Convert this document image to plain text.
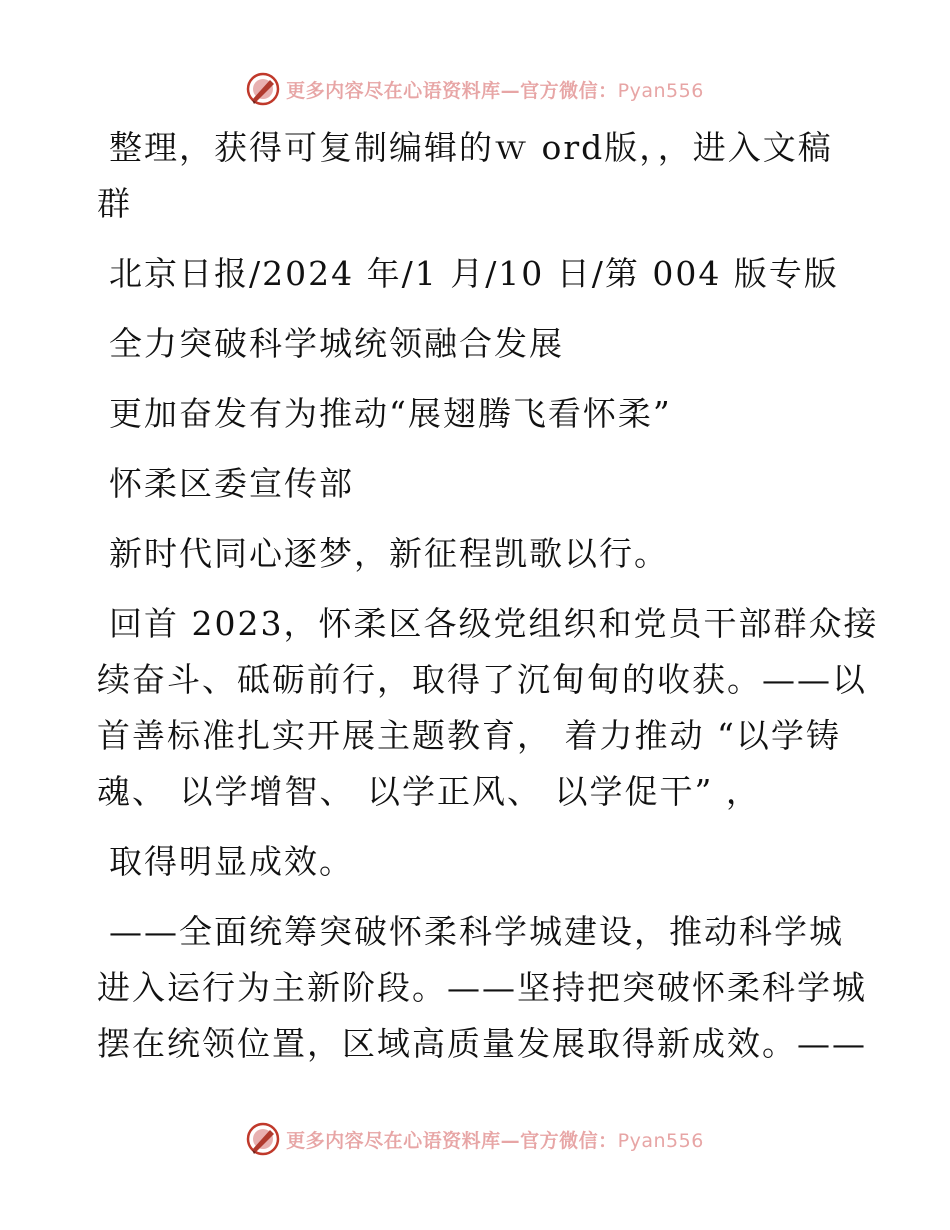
更多内容尽在心语资料库—官方微信：Pyan556
整理，获得可复制编辑的ｗ ord版，，进入文稿
群
北京日报/2024 年/1 月/10 日/第 004 版专版
全力突破科学城统领融合发展
更加奋发有为推动“展翅腾飞看怀柔”
怀柔区委宣传部
新时代同心逐梦，新征程凯歌以行。
回首 2023，怀柔区各级党组织和党员干部群众接
续奋斗、砥砺前行，取得了沉甸甸的收获。——以
首善标准扎实开展主题教育， 着力推动 “以学铸
魂、 以学增智、 以学正风、 以学促干” ，
取得明显成效。
——全面统筹突破怀柔科学城建设，推动科学城
进入运行为主新阶段。——坚持把突破怀柔科学城
摆在统领位置，区域高质量发展取得新成效。——
更多内容尽在心语资料库—官方微信：Pyan556
